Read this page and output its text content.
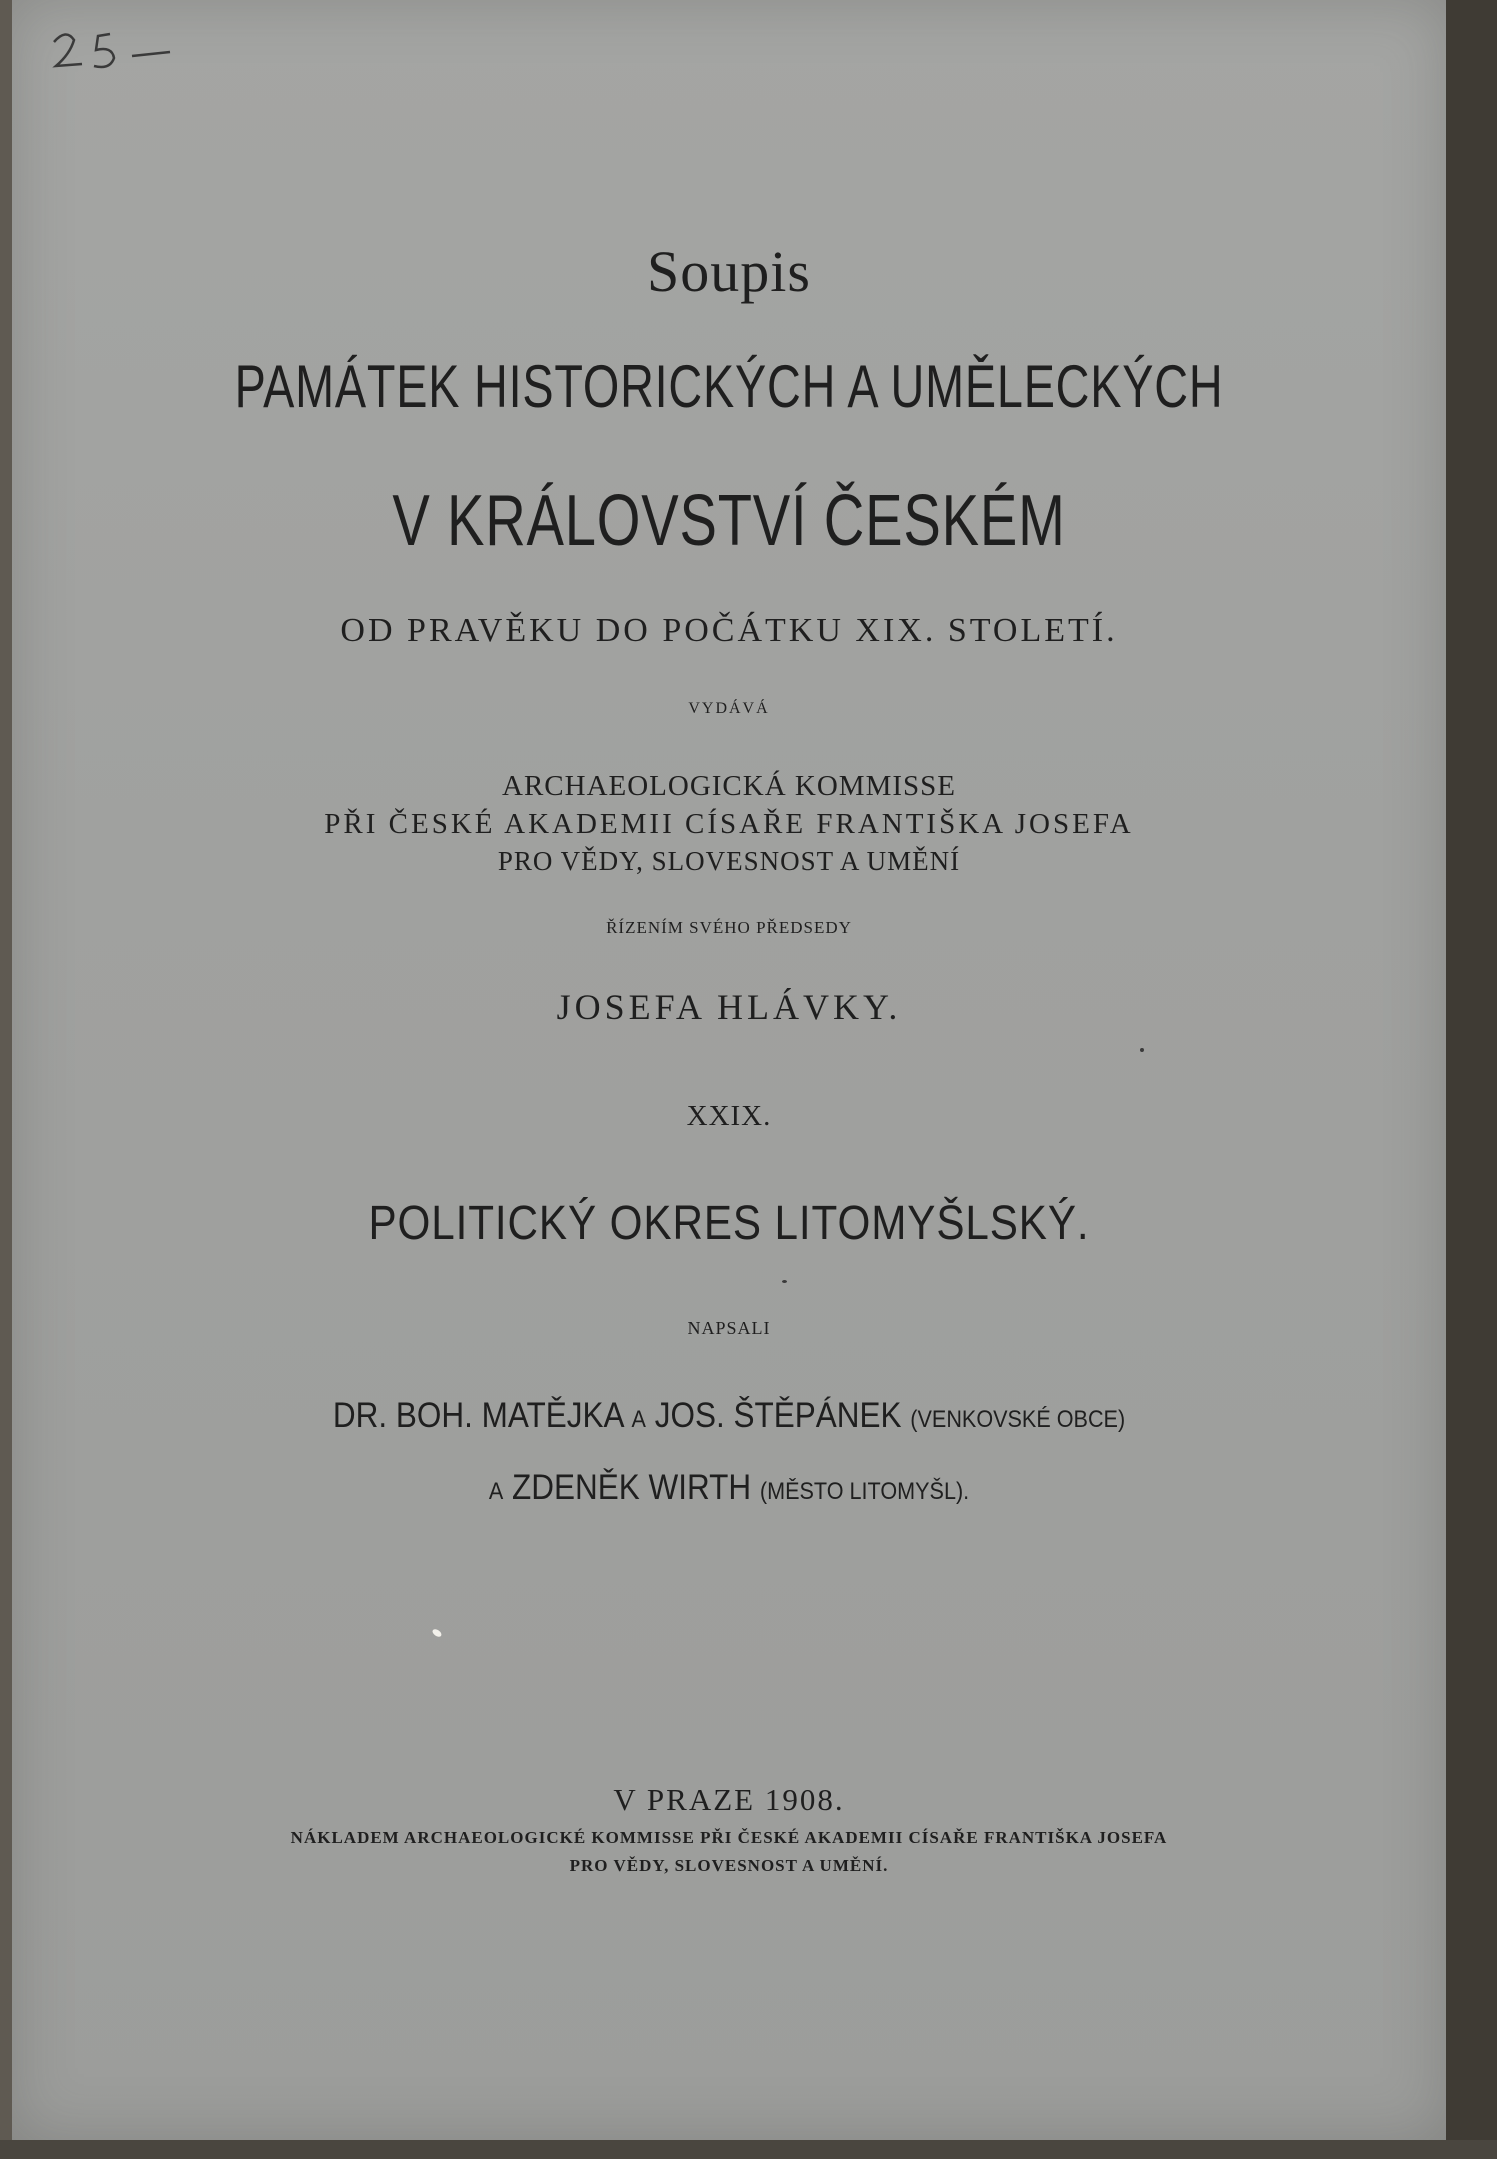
Soupis
PAMÁTEK HISTORICKÝCH A UMĚLECKÝCH
V KRÁLOVSTVÍ ČESKÉM
OD PRAVĚKU DO POČÁTKU XIX. STOLETÍ.
VYDÁVÁ
ARCHAEOLOGICKÁ KOMMISSE
PŘI ČESKÉ AKADEMII CÍSAŘE FRANTIŠKA JOSEFA
PRO VĚDY, SLOVESNOST A UMĚNÍ
ŘÍZENÍM SVÉHO PŘEDSEDY
JOSEFA HLÁVKY.
XXIX.
POLITICKÝ OKRES LITOMYŠLSKÝ.
NAPSALI
DR. BOH. MATĚJKA A JOS. ŠTĚPÁNEK (VENKOVSKÉ OBCE)
A ZDENĚK WIRTH (MĚSTO LITOMYŠL).
V PRAZE 1908.
NÁKLADEM ARCHAEOLOGICKÉ KOMMISSE PŘI ČESKÉ AKADEMII CÍSAŘE FRANTIŠKA JOSEFA
PRO VĚDY, SLOVESNOST A UMĚNÍ.
